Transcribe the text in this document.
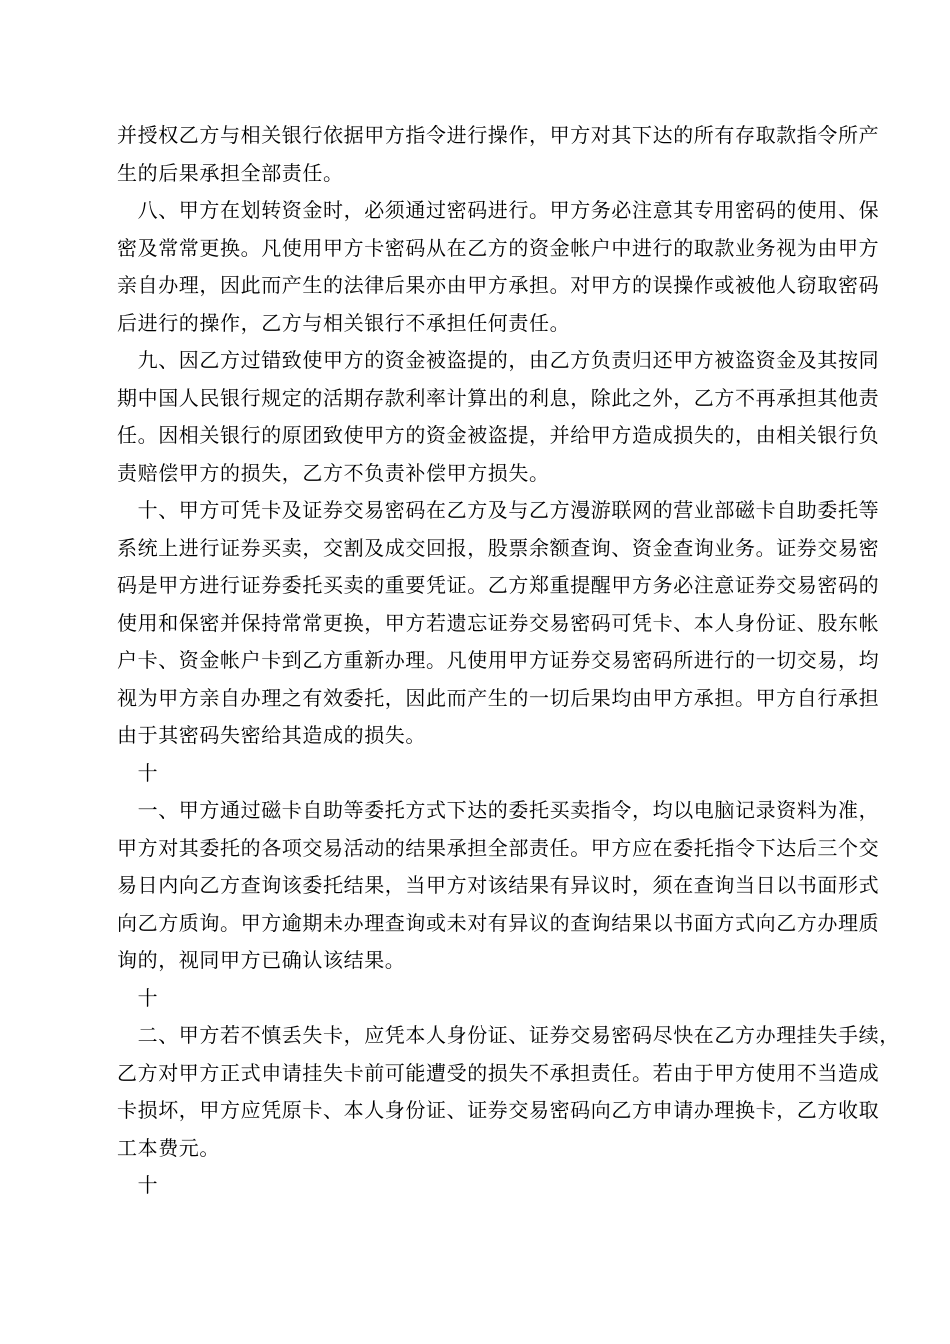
并授权乙方与相关银行依据甲方指令进行操作，甲方对其下达的所有存取款指令所产
生的后果承担全部责任。
　八、甲方在划转资金时，必须通过密码进行。甲方务必注意其专用密码的使用、保
密及常常更换。凡使用甲方卡密码从在乙方的资金帐户中进行的取款业务视为由甲方
亲自办理，因此而产生的法律后果亦由甲方承担。对甲方的误操作或被他人窃取密码
后进行的操作，乙方与相关银行不承担任何责任。
　九、因乙方过错致使甲方的资金被盗提的，由乙方负责归还甲方被盗资金及其按同
期中国人民银行规定的活期存款利率计算出的利息，除此之外，乙方不再承担其他责
任。因相关银行的原团致使甲方的资金被盗提，并给甲方造成损失的，由相关银行负
责赔偿甲方的损失，乙方不负责补偿甲方损失。
　十、甲方可凭卡及证券交易密码在乙方及与乙方漫游联网的营业部磁卡自助委托等
系统上进行证券买卖，交割及成交回报，股票余额查询、资金查询业务。证券交易密
码是甲方进行证券委托买卖的重要凭证。乙方郑重提醒甲方务必注意证券交易密码的
使用和保密并保持常常更换，甲方若遗忘证券交易密码可凭卡、本人身份证、股东帐
户卡、资金帐户卡到乙方重新办理。凡使用甲方证券交易密码所进行的一切交易，均
视为甲方亲自办理之有效委托，因此而产生的一切后果均由甲方承担。甲方自行承担
由于其密码失密给其造成的损失。
　十
　一、甲方通过磁卡自助等委托方式下达的委托买卖指令，均以电脑记录资料为准，
甲方对其委托的各项交易活动的结果承担全部责任。甲方应在委托指令下达后三个交
易日内向乙方查询该委托结果，当甲方对该结果有异议时，须在查询当日以书面形式
向乙方质询。甲方逾期未办理查询或未对有异议的查询结果以书面方式向乙方办理质
询的，视同甲方已确认该结果。
　十
　二、甲方若不慎丢失卡，应凭本人身份证、证券交易密码尽快在乙方办理挂失手续，
乙方对甲方正式申请挂失卡前可能遭受的损失不承担责任。若由于甲方使用不当造成
卡损坏，甲方应凭原卡、本人身份证、证券交易密码向乙方申请办理换卡，乙方收取
工本费元。
　十
